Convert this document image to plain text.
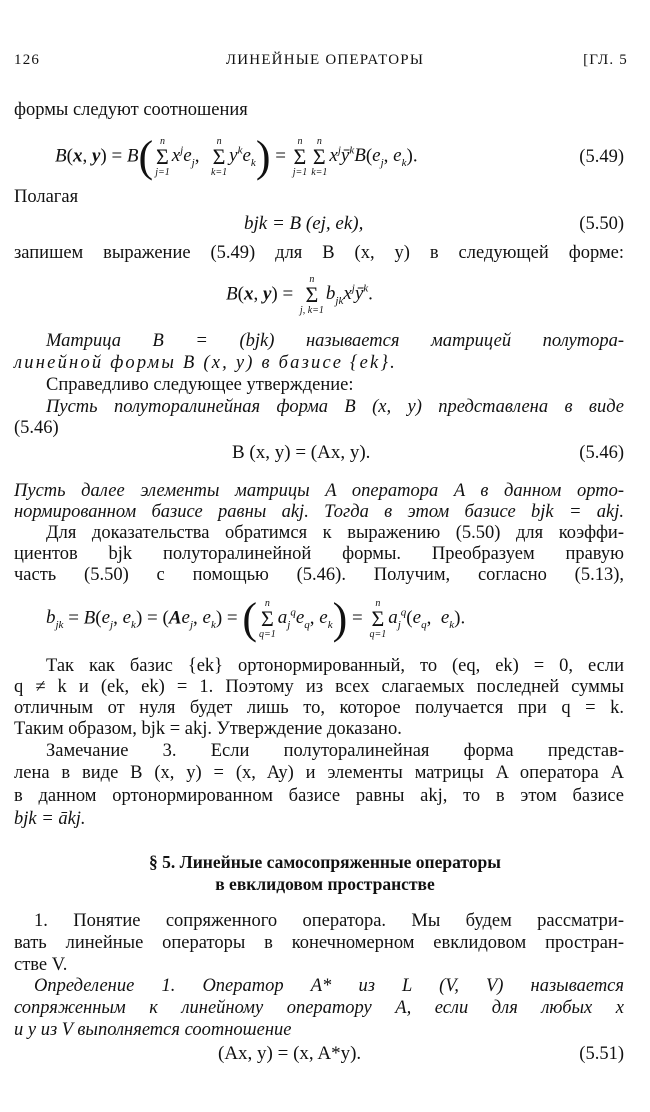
126	ЛИНЕЙНЫЕ ОПЕРАТОРЫ	[ГЛ. 5
формы следуют соотношения
B(x, y) = B( n
Σ
j=1
$x^je_j$,
n
Σ
k=1
$y^ke_k$) =
n
Σ
j=1
n
Σ
k=1
$x^jȳ^kB(e_j$, $e_k$).	(5.49)
Полагая
bjk = B (ej, ek),	(5.50)
запишем выражение (5.49) для B (x, y) в следующей форме:
B(x, y) =
n
Σ
j, k=1
$b_{jk}x^jȳ^k$.
Матрица B = (bjk) называется матрицей полутора-
линейной формы B (x, y) в базисе {ek}.
Справедливо следующее утверждение:
Пусть полуторалинейная форма B (x, y) представлена в виде
(5.46)
B (x, y) = (Ax, y).	(5.46)
Пусть далее элементы матрицы A оператора A в данном орто-
нормированном базисе равны akj. Тогда в этом базисе bjk = akj.
Для доказательства обратимся к выражению (5.50) для коэффи-
циентов bjk полуторалинейной формы. Преобразуем правую
часть (5.50) с помощью (5.46). Получим, согласно (5.13),
$b_{jk} = B(e_j$, $e_k) = (Ae_j$, $e_k$) = ( n
Σ
q=1
$a_j^qe_q$, $e_k$) =
n
Σ
q=1
$a_j^q(e_q$,  $e_k$).
Так как базис {ek} ортонормированный, то (eq, ek) = 0, если
q ≠ k и (ek, ek) = 1. Поэтому из всех слагаемых последней суммы
отличным от нуля будет лишь то, которое получается при q = k.
Таким образом, bjk = akj. Утверждение доказано.
Замечание 3. Если полуторалинейная форма представ-
лена в виде B (x, y) = (x, Ay) и элементы матрицы A оператора A
в данном ортонормированном базисе равны akj, то в этом базисе
bjk = ākj.
§ 5. Линейные самосопряженные операторы
в евклидовом пространстве
1. Понятие сопряженного оператора. Мы будем рассматри-
вать линейные операторы в конечномерном евклидовом простран-
стве V.
Определение 1. Оператор A* из L (V, V) называется
сопряженным к линейному оператору A, если для любых x
и y из V выполняется соотношение
(Ax, y) = (x, A*y).	(5.51)
